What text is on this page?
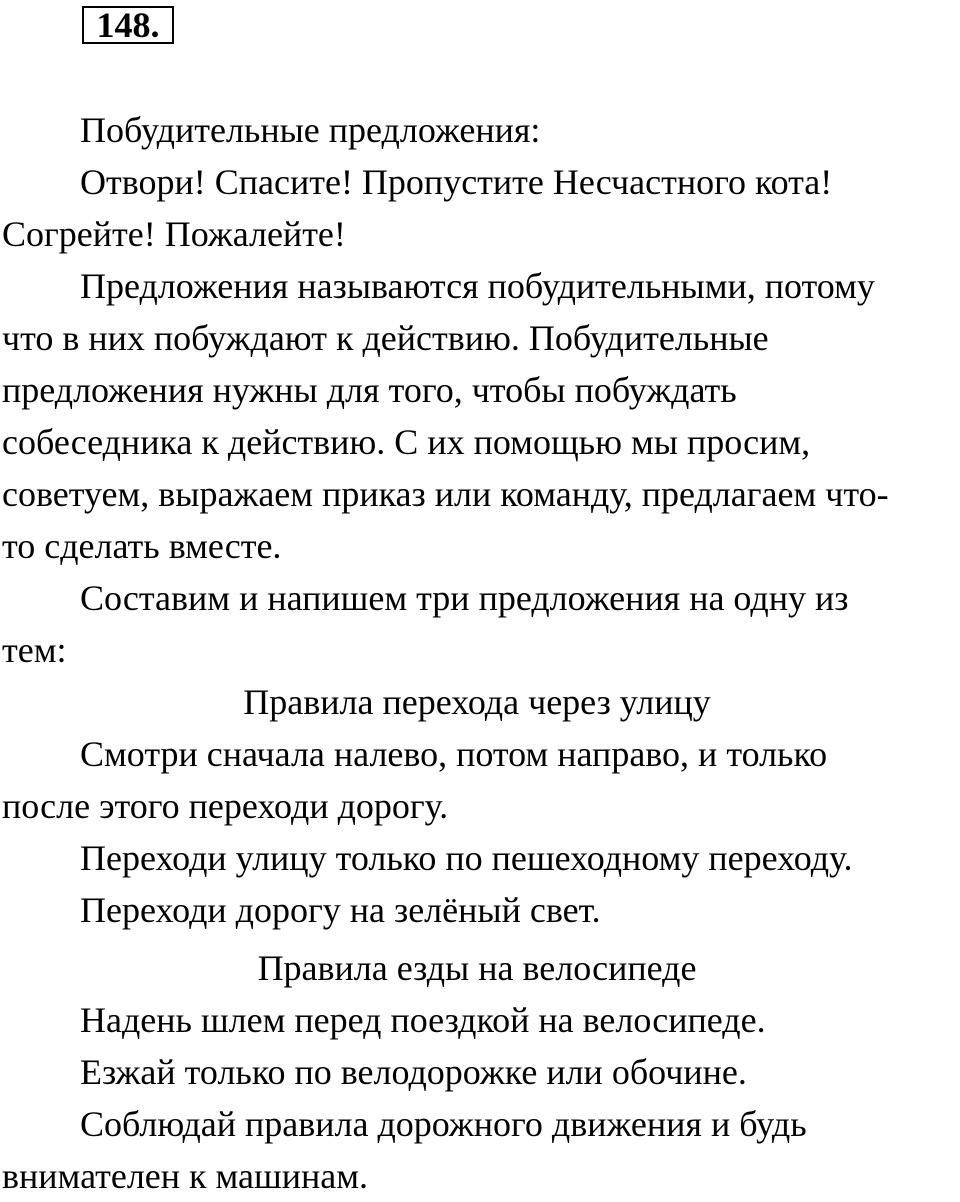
148.

Побудительные предложения:

Отвори! Спасите! Пропустите Несчастного кота!

Согрейте! Пожалейте!

Предложения называются побудительными, потому

что в них побуждают к действию. Побудительные

предложения нужны для того, чтобы побуждать

собеседника к действию. С их помощью мы просим,

советуем, выражаем приказ или команду, предлагаем что-

то сделать вместе.

Составим и напишем три предложения на одну из

тем:

Правила перехода через улицу

Смотри сначала налево, потом направо, и только

после этого переходи дорогу.

Переходи улицу только по пешеходному переходу.

Переходи дорогу на зелёный свет.

Правила езды на велосипеде

Надень шлем перед поездкой на велосипеде.

Езжай только по велодорожке или обочине.

Соблюдай правила дорожного движения и будь

внимателен к машинам.
